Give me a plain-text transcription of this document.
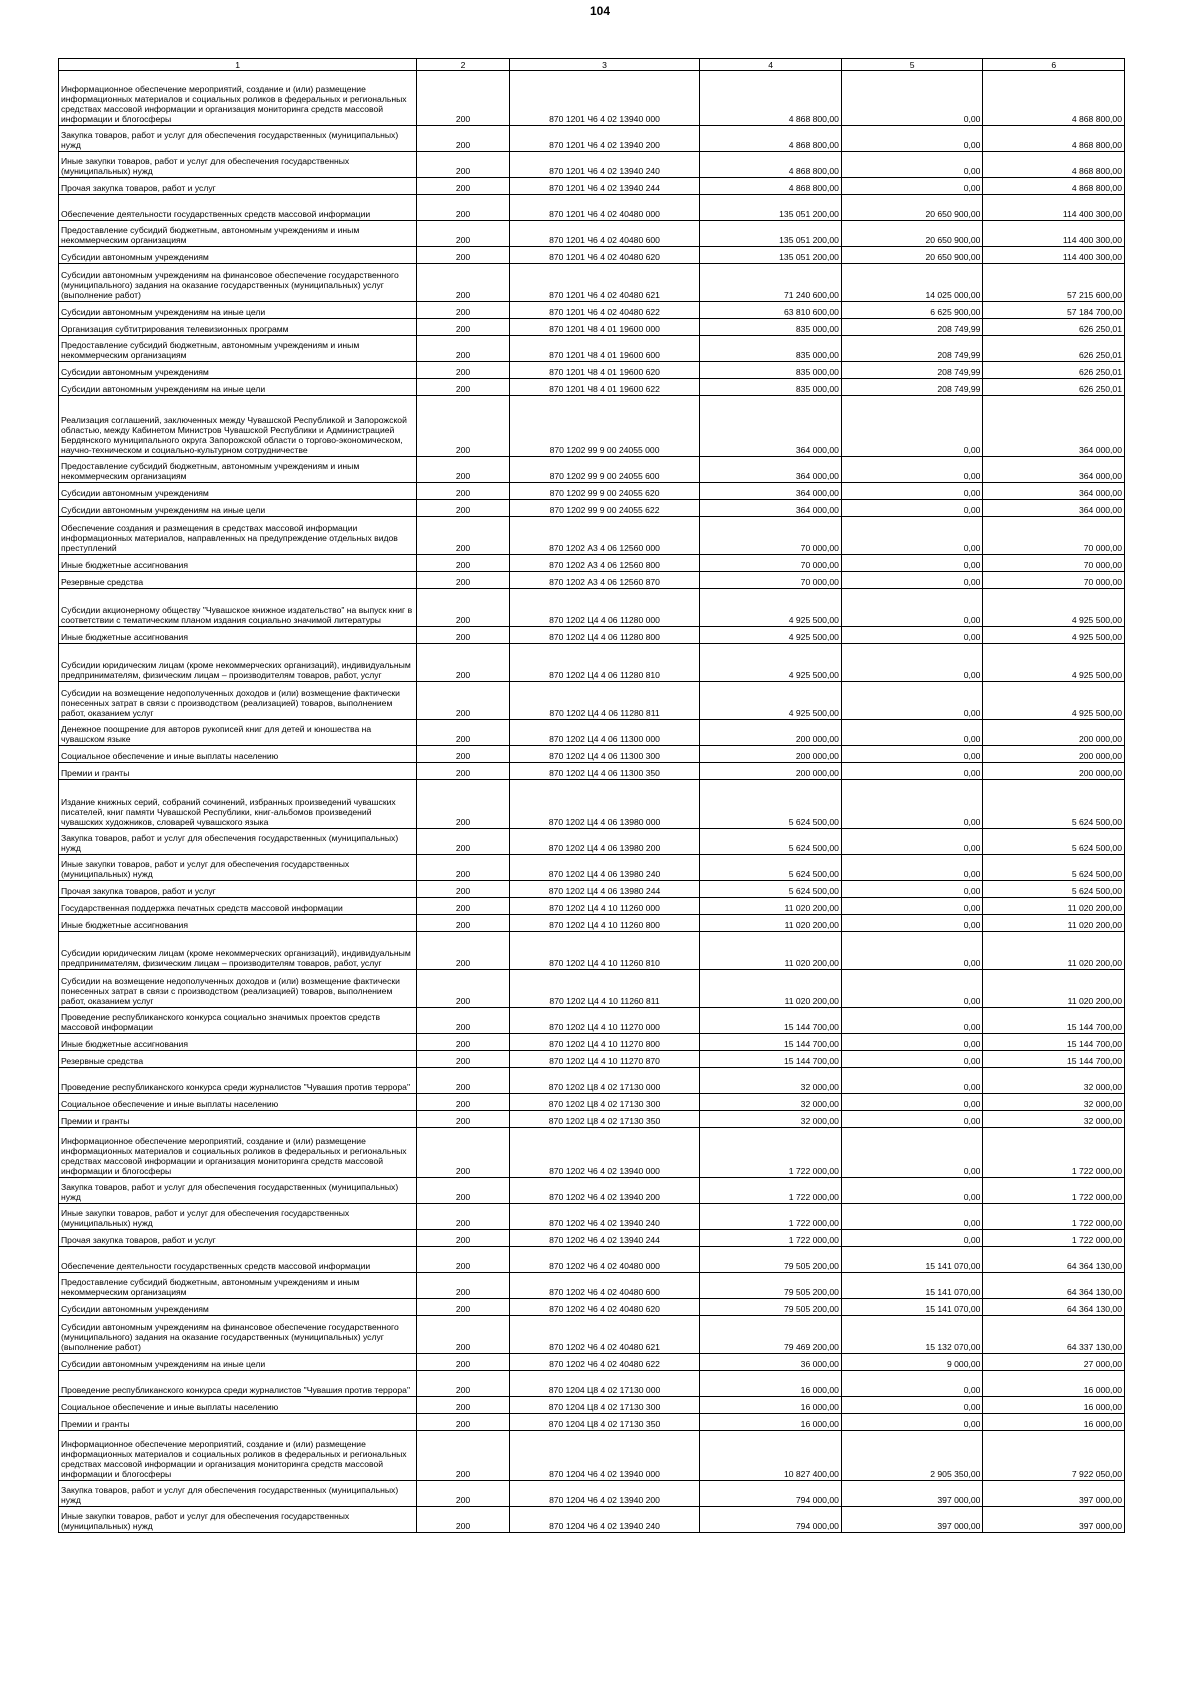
104
1	2	3	4	5	6
Информационное обеспечение мероприятий, создание и (или) размещение информационных материалов и социальных роликов в федеральных и региональных средствах массовой информации и организация мониторинга средств массовой информации и блогосферы	200	870 1201 Ч6 4 02 13940 000	4 868 800,00	0,00	4 868 800,00
Закупка товаров, работ и услуг для обеспечения государственных (муниципальных) нужд	200	870 1201 Ч6 4 02 13940 200	4 868 800,00	0,00	4 868 800,00
Иные закупки товаров, работ и услуг для обеспечения государственных (муниципальных) нужд	200	870 1201 Ч6 4 02 13940 240	4 868 800,00	0,00	4 868 800,00
Прочая закупка товаров, работ и услуг	200	870 1201 Ч6 4 02 13940 244	4 868 800,00	0,00	4 868 800,00
Обеспечение деятельности государственных средств массовой информации	200	870 1201 Ч6 4 02 40480 000	135 051 200,00	20 650 900,00	114 400 300,00
Предоставление субсидий бюджетным, автономным учреждениям и иным некоммерческим организациям	200	870 1201 Ч6 4 02 40480 600	135 051 200,00	20 650 900,00	114 400 300,00
Субсидии автономным учреждениям	200	870 1201 Ч6 4 02 40480 620	135 051 200,00	20 650 900,00	114 400 300,00
Субсидии автономным учреждениям на финансовое обеспечение государственного (муниципального) задания на оказание государственных (муниципальных) услуг (выполнение работ)	200	870 1201 Ч6 4 02 40480 621	71 240 600,00	14 025 000,00	57 215 600,00
Субсидии автономным учреждениям на иные цели	200	870 1201 Ч6 4 02 40480 622	63 810 600,00	6 625 900,00	57 184 700,00
Организация субтитрирования телевизионных программ	200	870 1201 Ч8 4 01 19600 000	835 000,00	208 749,99	626 250,01
Предоставление субсидий бюджетным, автономным учреждениям и иным некоммерческим организациям	200	870 1201 Ч8 4 01 19600 600	835 000,00	208 749,99	626 250,01
Субсидии автономным учреждениям	200	870 1201 Ч8 4 01 19600 620	835 000,00	208 749,99	626 250,01
Субсидии автономным учреждениям на иные цели	200	870 1201 Ч8 4 01 19600 622	835 000,00	208 749,99	626 250,01
Реализация соглашений, заключенных между Чувашской Республикой и Запорожской областью, между Кабинетом Министров Чувашской Республики и Администрацией Бердянского муниципального округа Запорожской области о торгово-экономическом, научно-техническом и социально-культурном сотрудничестве	200	870 1202 99 9 00 24055 000	364 000,00	0,00	364 000,00
Предоставление субсидий бюджетным, автономным учреждениям и иным некоммерческим организациям	200	870 1202 99 9 00 24055 600	364 000,00	0,00	364 000,00
Субсидии автономным учреждениям	200	870 1202 99 9 00 24055 620	364 000,00	0,00	364 000,00
Субсидии автономным учреждениям на иные цели	200	870 1202 99 9 00 24055 622	364 000,00	0,00	364 000,00
Обеспечение создания и размещения в средствах массовой информации информационных материалов, направленных на предупреждение отдельных видов преступлений	200	870 1202 А3 4 06 12560 000	70 000,00	0,00	70 000,00
Иные бюджетные ассигнования	200	870 1202 А3 4 06 12560 800	70 000,00	0,00	70 000,00
Резервные средства	200	870 1202 А3 4 06 12560 870	70 000,00	0,00	70 000,00
Субсидии акционерному обществу "Чувашское книжное издательство" на выпуск книг в соответствии с тематическим планом издания социально значимой литературы	200	870 1202 Ц4 4 06 11280 000	4 925 500,00	0,00	4 925 500,00
Иные бюджетные ассигнования	200	870 1202 Ц4 4 06 11280 800	4 925 500,00	0,00	4 925 500,00
Субсидии юридическим лицам (кроме некоммерческих организаций), индивидуальным предпринимателям, физическим лицам – производителям товаров, работ, услуг	200	870 1202 Ц4 4 06 11280 810	4 925 500,00	0,00	4 925 500,00
Субсидии на возмещение недополученных доходов и (или) возмещение фактически понесенных затрат в связи с производством (реализацией) товаров, выполнением работ, оказанием услуг	200	870 1202 Ц4 4 06 11280 811	4 925 500,00	0,00	4 925 500,00
Денежное поощрение для авторов рукописей книг для детей и юношества на чувашском языке	200	870 1202 Ц4 4 06 11300 000	200 000,00	0,00	200 000,00
Социальное обеспечение и иные выплаты населению	200	870 1202 Ц4 4 06 11300 300	200 000,00	0,00	200 000,00
Премии и гранты	200	870 1202 Ц4 4 06 11300 350	200 000,00	0,00	200 000,00
Издание книжных серий, собраний сочинений, избранных произведений чувашских писателей, книг памяти Чувашской Республики, книг-альбомов произведений чувашских художников, словарей чувашского языка	200	870 1202 Ц4 4 06 13980 000	5 624 500,00	0,00	5 624 500,00
Закупка товаров, работ и услуг для обеспечения государственных (муниципальных) нужд	200	870 1202 Ц4 4 06 13980 200	5 624 500,00	0,00	5 624 500,00
Иные закупки товаров, работ и услуг для обеспечения государственных (муниципальных) нужд	200	870 1202 Ц4 4 06 13980 240	5 624 500,00	0,00	5 624 500,00
Прочая закупка товаров, работ и услуг	200	870 1202 Ц4 4 06 13980 244	5 624 500,00	0,00	5 624 500,00
Государственная поддержка печатных средств массовой информации	200	870 1202 Ц4 4 10 11260 000	11 020 200,00	0,00	11 020 200,00
Иные бюджетные ассигнования	200	870 1202 Ц4 4 10 11260 800	11 020 200,00	0,00	11 020 200,00
Субсидии юридическим лицам (кроме некоммерческих организаций), индивидуальным предпринимателям, физическим лицам – производителям товаров, работ, услуг	200	870 1202 Ц4 4 10 11260 810	11 020 200,00	0,00	11 020 200,00
Субсидии на возмещение недополученных доходов и (или) возмещение фактически понесенных затрат в связи с производством (реализацией) товаров, выполнением работ, оказанием услуг	200	870 1202 Ц4 4 10 11260 811	11 020 200,00	0,00	11 020 200,00
Проведение республиканского конкурса социально значимых проектов средств массовой информации	200	870 1202 Ц4 4 10 11270 000	15 144 700,00	0,00	15 144 700,00
Иные бюджетные ассигнования	200	870 1202 Ц4 4 10 11270 800	15 144 700,00	0,00	15 144 700,00
Резервные средства	200	870 1202 Ц4 4 10 11270 870	15 144 700,00	0,00	15 144 700,00
Проведение республиканского конкурса среди журналистов "Чувашия против террора"	200	870 1202 Ц8 4 02 17130 000	32 000,00	0,00	32 000,00
Социальное обеспечение и иные выплаты населению	200	870 1202 Ц8 4 02 17130 300	32 000,00	0,00	32 000,00
Премии и гранты	200	870 1202 Ц8 4 02 17130 350	32 000,00	0,00	32 000,00
Информационное обеспечение мероприятий, создание и (или) размещение информационных материалов и социальных роликов в федеральных и региональных средствах массовой информации и организация мониторинга средств массовой информации и блогосферы	200	870 1202 Ч6 4 02 13940 000	1 722 000,00	0,00	1 722 000,00
Закупка товаров, работ и услуг для обеспечения государственных (муниципальных) нужд	200	870 1202 Ч6 4 02 13940 200	1 722 000,00	0,00	1 722 000,00
Иные закупки товаров, работ и услуг для обеспечения государственных (муниципальных) нужд	200	870 1202 Ч6 4 02 13940 240	1 722 000,00	0,00	1 722 000,00
Прочая закупка товаров, работ и услуг	200	870 1202 Ч6 4 02 13940 244	1 722 000,00	0,00	1 722 000,00
Обеспечение деятельности государственных средств массовой информации	200	870 1202 Ч6 4 02 40480 000	79 505 200,00	15 141 070,00	64 364 130,00
Предоставление субсидий бюджетным, автономным учреждениям и иным некоммерческим организациям	200	870 1202 Ч6 4 02 40480 600	79 505 200,00	15 141 070,00	64 364 130,00
Субсидии автономным учреждениям	200	870 1202 Ч6 4 02 40480 620	79 505 200,00	15 141 070,00	64 364 130,00
Субсидии автономным учреждениям на финансовое обеспечение государственного (муниципального) задания на оказание государственных (муниципальных) услуг (выполнение работ)	200	870 1202 Ч6 4 02 40480 621	79 469 200,00	15 132 070,00	64 337 130,00
Субсидии автономным учреждениям на иные цели	200	870 1202 Ч6 4 02 40480 622	36 000,00	9 000,00	27 000,00
Проведение республиканского конкурса среди журналистов "Чувашия против террора"	200	870 1204 Ц8 4 02 17130 000	16 000,00	0,00	16 000,00
Социальное обеспечение и иные выплаты населению	200	870 1204 Ц8 4 02 17130 300	16 000,00	0,00	16 000,00
Премии и гранты	200	870 1204 Ц8 4 02 17130 350	16 000,00	0,00	16 000,00
Информационное обеспечение мероприятий, создание и (или) размещение информационных материалов и социальных роликов в федеральных и региональных средствах массовой информации и организация мониторинга средств массовой информации и блогосферы	200	870 1204 Ч6 4 02 13940 000	10 827 400,00	2 905 350,00	7 922 050,00
Закупка товаров, работ и услуг для обеспечения государственных (муниципальных) нужд	200	870 1204 Ч6 4 02 13940 200	794 000,00	397 000,00	397 000,00
Иные закупки товаров, работ и услуг для обеспечения государственных (муниципальных) нужд	200	870 1204 Ч6 4 02 13940 240	794 000,00	397 000,00	397 000,00
